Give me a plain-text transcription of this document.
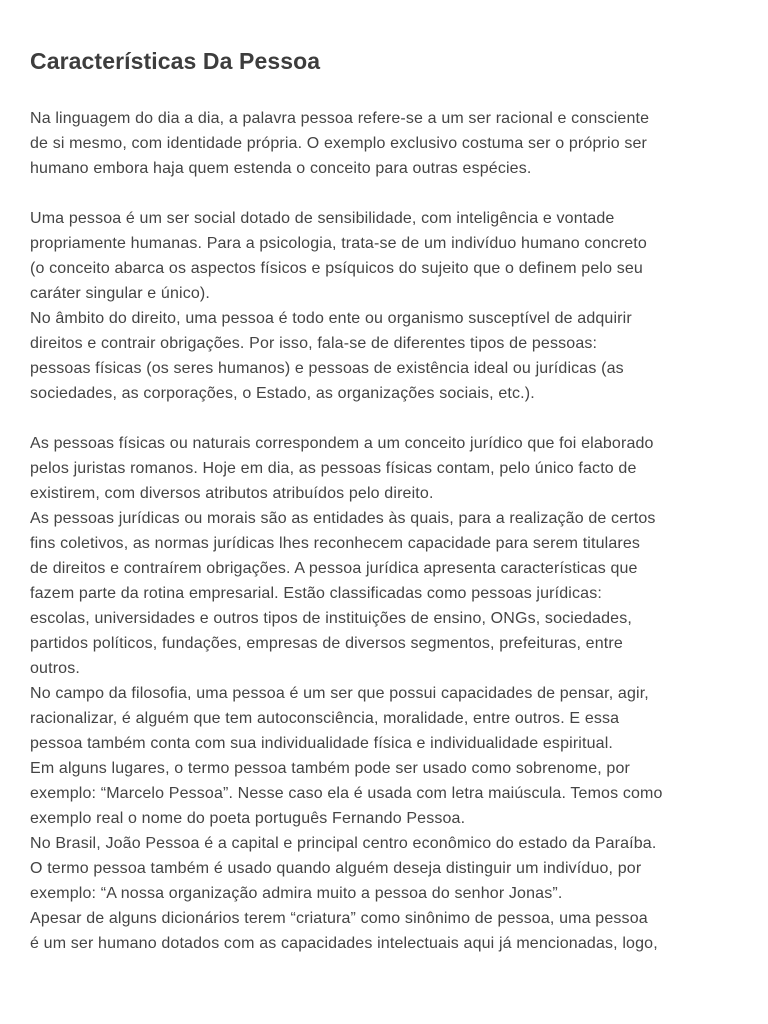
Características Da Pessoa

Na linguagem do dia a dia, a palavra pessoa refere-se a um ser racional e consciente
de si mesmo, com identidade própria. O exemplo exclusivo costuma ser o próprio ser
humano embora haja quem estenda o conceito para outras espécies.

Uma pessoa é um ser social dotado de sensibilidade, com inteligência e vontade
propriamente humanas. Para a psicologia, trata-se de um indivíduo humano concreto
(o conceito abarca os aspectos físicos e psíquicos do sujeito que o definem pelo seu
caráter singular e único).
No âmbito do direito, uma pessoa é todo ente ou organismo susceptível de adquirir
direitos e contrair obrigações. Por isso, fala-se de diferentes tipos de pessoas:
pessoas físicas (os seres humanos) e pessoas de existência ideal ou jurídicas (as
sociedades, as corporações, o Estado, as organizações sociais, etc.).

As pessoas físicas ou naturais correspondem a um conceito jurídico que foi elaborado
pelos juristas romanos. Hoje em dia, as pessoas físicas contam, pelo único facto de
existirem, com diversos atributos atribuídos pelo direito.
As pessoas jurídicas ou morais são as entidades às quais, para a realização de certos
fins coletivos, as normas jurídicas lhes reconhecem capacidade para serem titulares
de direitos e contraírem obrigações. A pessoa jurídica apresenta características que
fazem parte da rotina empresarial. Estão classificadas como pessoas jurídicas:
escolas, universidades e outros tipos de instituições de ensino, ONGs, sociedades,
partidos políticos, fundações, empresas de diversos segmentos, prefeituras, entre
outros.
No campo da filosofia, uma pessoa é um ser que possui capacidades de pensar, agir,
racionalizar, é alguém que tem autoconsciência, moralidade, entre outros. E essa
pessoa também conta com sua individualidade física e individualidade espiritual.
Em alguns lugares, o termo pessoa também pode ser usado como sobrenome, por
exemplo: “Marcelo Pessoa”. Nesse caso ela é usada com letra maiúscula. Temos como
exemplo real o nome do poeta português Fernando Pessoa.
No Brasil, João Pessoa é a capital e principal centro econômico do estado da Paraíba.
O termo pessoa também é usado quando alguém deseja distinguir um indivíduo, por
exemplo: “A nossa organização admira muito a pessoa do senhor Jonas”.
Apesar de alguns dicionários terem “criatura” como sinônimo de pessoa, uma pessoa
é um ser humano dotados com as capacidades intelectuais aqui já mencionadas, logo,
